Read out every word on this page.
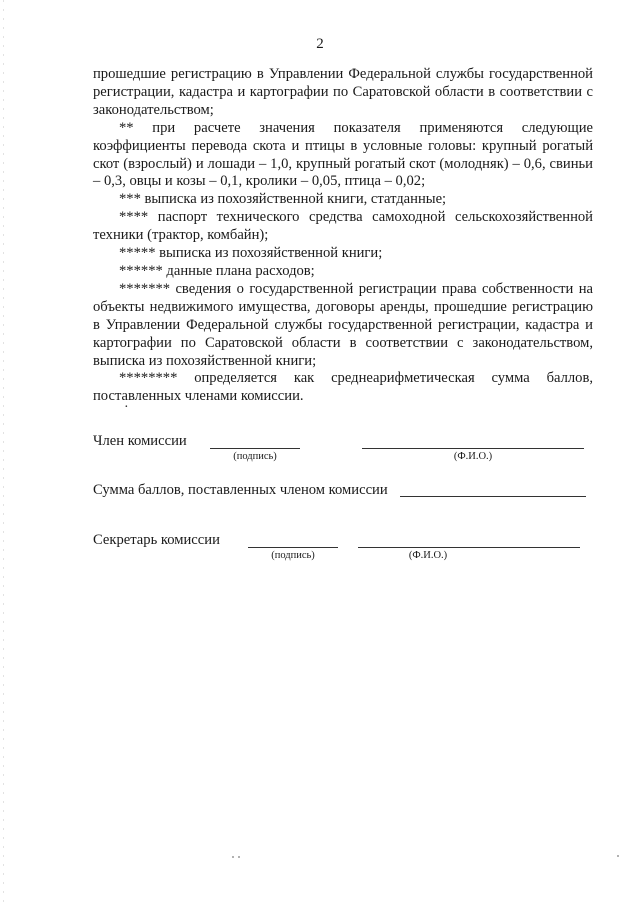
2

прошедшие регистрацию в Управлении Федеральной службы государственной регистрации, кадастра и картографии по Саратовской области в соответствии с законодательством;

** при расчете значения показателя применяются следующие коэффициенты перевода скота и птицы в условные головы: крупный рогатый скот (взрослый) и лошади – 1,0, крупный рогатый скот (молодняк) – 0,6, свиньи – 0,3, овцы и козы – 0,1, кролики – 0,05, птица – 0,02;

*** выписка из похозяйственной книги, статданные;

**** паспорт технического средства самоходной сельскохозяйственной техники (трактор, комбайн);

***** выписка из похозяйственной книги;

****** данные плана расходов;

******* сведения о государственной регистрации права собственности на объекты недвижимого имущества, договоры аренды, прошедшие регистрацию в Управлении Федеральной службы государственной регистрации, кадастра и картографии по Саратовской области в соответствии с законодательством, выписка из похозяйственной книги;

******** определяется как среднеарифметическая сумма баллов, поставленных членами комиссии.

·
Член комиссии
(подпись)	(Ф.И.О.)
Сумма баллов, поставленных членом комиссии
Секретарь комиссии
(подпись)	(Ф.И.О.)
